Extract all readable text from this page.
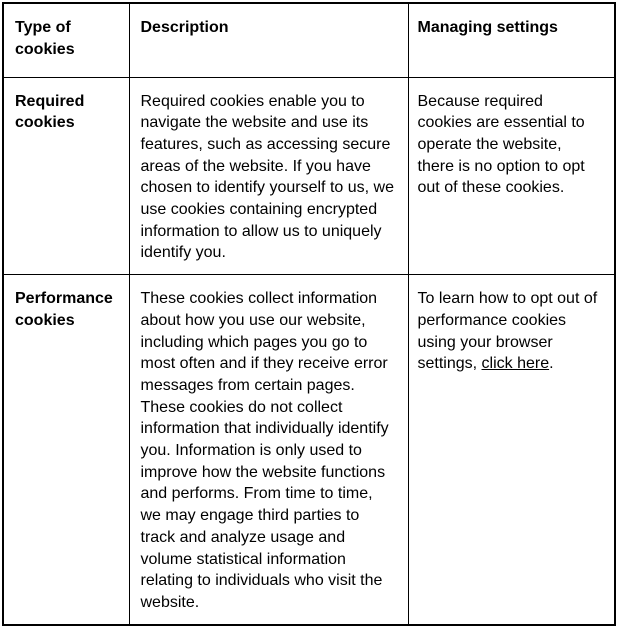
Type of cookies	Description	Managing settings
Required cookies	Required cookies enable you to navigate the website and use its features, such as accessing secure areas of the website. If you have chosen to identify yourself to us, we use cookies containing encrypted information to allow us to uniquely identify you.	Because required cookies are essential to operate the website, there is no option to opt out of these cookies.
Performance cookies	These cookies collect information about how you use our website, including which pages you go to most often and if they receive error messages from certain pages. These cookies do not collect information that individually identify you. Information is only used to improve how the website functions and performs. From time to time, we may engage third parties to track and analyze usage and volume statistical information relating to individuals who visit the website.	To learn how to opt out of performance cookies using your browser settings, click here.
